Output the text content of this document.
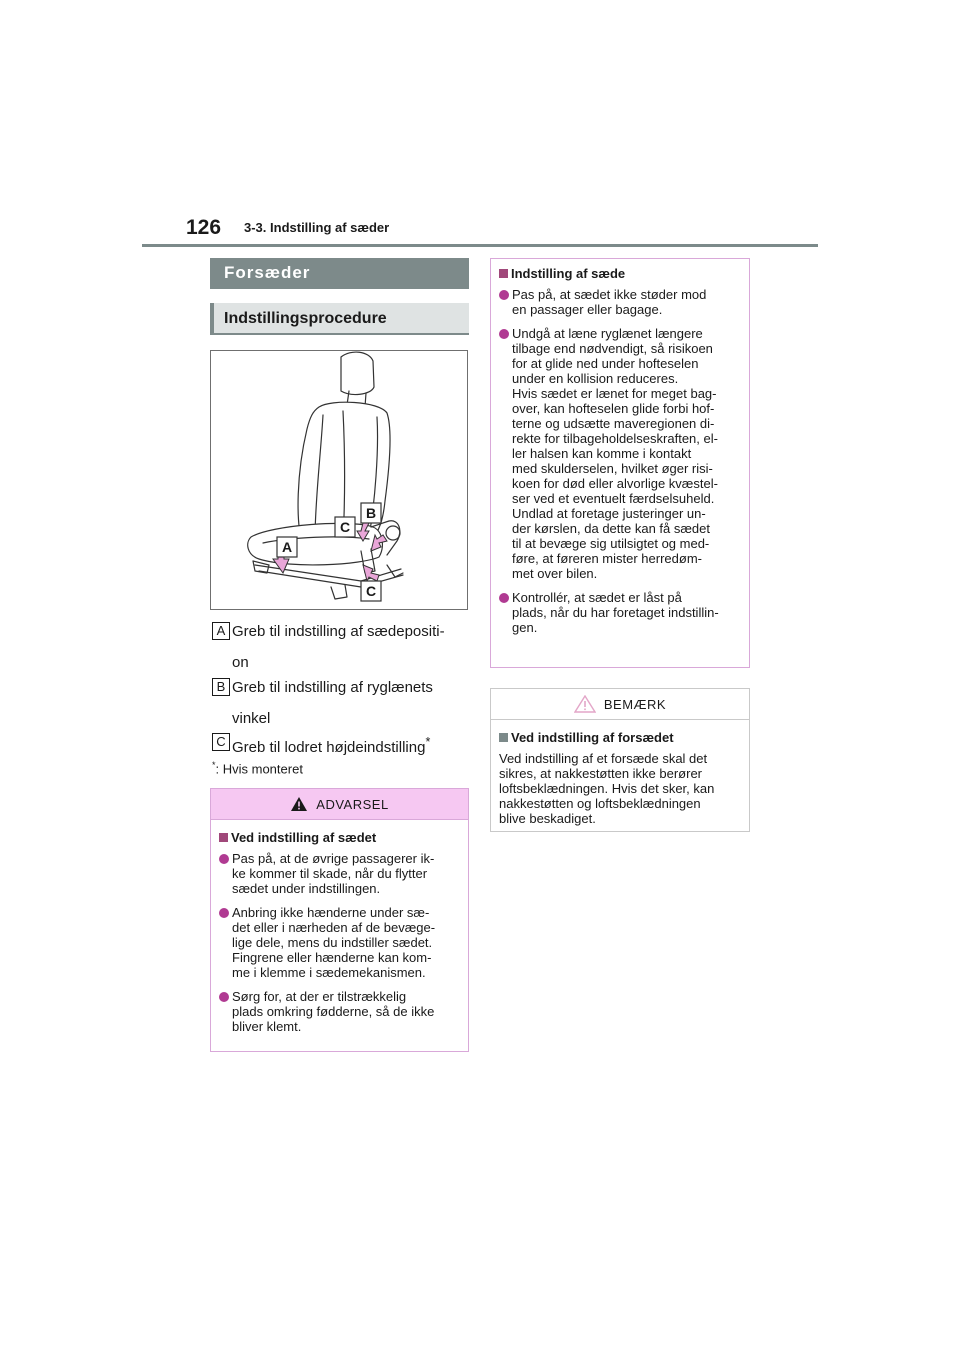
126 3-3. Indstilling af sæder
Forsæder
Indstillingsprocedure
A
C
B
C
A Greb til indstilling af sædepositi-
on
B Greb til indstilling af ryglænets
vinkel
C Greb til lodret højdeindstilling*
*: Hvis monteret
ADVARSEL
Ved indstilling af sædet
Pas på, at de øvrige passagerer ik-
ke kommer til skade, når du flytter
sædet under indstillingen.
Anbring ikke hænderne under sæ-
det eller i nærheden af de bevæge-
lige dele, mens du indstiller sædet.
Fingrene eller hænderne kan kom-
me i klemme i sædemekanismen.
Sørg for, at der er tilstrækkelig
plads omkring fødderne, så de ikke
bliver klemt.
Indstilling af sæde
Pas på, at sædet ikke støder mod
en passager eller bagage.
Undgå at læne ryglænet længere
tilbage end nødvendigt, så risikoen
for at glide ned under hofteselen
under en kollision reduceres.
Hvis sædet er lænet for meget bag-
over, kan hofteselen glide forbi hof-
terne og udsætte maveregionen di-
rekte for tilbageholdelseskraften, el-
ler halsen kan komme i kontakt
med skulderselen, hvilket øger risi-
koen for død eller alvorlige kvæstel-
ser ved et eventuelt færdselsuheld.
Undlad at foretage justeringer un-
der kørslen, da dette kan få sædet
til at bevæge sig utilsigtet og med-
føre, at føreren mister herredøm-
met over bilen.
Kontrollér, at sædet er låst på
plads, når du har foretaget indstillin-
gen.
BEMÆRK
Ved indstilling af forsædet
Ved indstilling af et forsæde skal det
sikres, at nakkestøtten ikke berører
loftsbeklædningen. Hvis det sker, kan
nakkestøtten og loftsbeklædningen
blive beskadiget.
